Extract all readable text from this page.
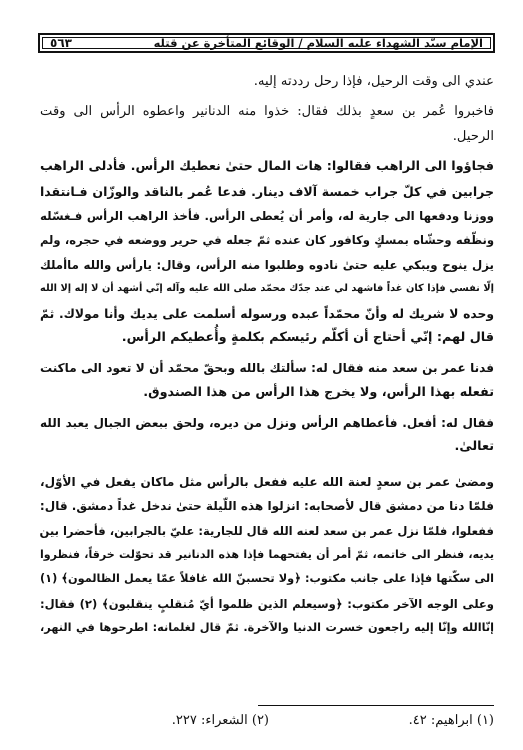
الإمام سيّد الشهداء عليه السلام / الوقائع المتأخرة عن قتله
٥٦٣
عندي الى وقت الرحيل، فإذا رحل رددته إليه.
فاخبروا عُمر بن سعدٍ بذلك فقال: خذوا منه الدنانير واعطوه الرأس الى وقت
الرحيل.
فجاؤوا الى الراهب فقالوا: هات المال حتىٰ نعطيك الرأس. فأدلى الراهب
جرابين في كلّ جراب خمسة آلاف دينار. فدعا عُمر بالناقد والوزّان فـانتقدا
ووزنا ودفعها الى جارية له، وأمر أن يُعطى الرأس. فأخذ الراهب الرأس فـغسّله
ونظّفه وحشّاه بمسكٍ وكافور كان عنده ثمّ جعله في حرير ووضعه في حجره، ولم
يزل ينوح ويبكي عليه حتىٰ نادوه وطلبوا منه الرأس، وقال: يارأس والله ماأملك
إلّا نفسي فإذا كان غداً فاشهد لي عند جدّك محمّد صلى الله عليه وآله إنّي أشهد أن لا إله إلا الله
وحده لا شريك له وأنّ محمّداً عبده ورسوله أسلمت على يديك وأنا مولاك. ثمّ
قال لهم: إنّي أحتاج أن أكلّم رئيسكم بكلمةٍ وأُعطيكم الرأس.
فدنا عمر بن سعد منه فقال له: سألتك بالله وبحقّ محمّد أن لا تعود الى ماكنت
تفعله بهذا الرأس، ولا يخرج هذا الرأس من هذا الصندوق.
فقال له: أفعل. فأعطاهم الرأس ونزل من ديره، ولحق ببعض الجبال يعبد الله
تعالىٰ.
ومضىٰ عمر بن سعدٍ لعنة الله عليه ففعل بالرأس مثل ماكان يفعل في الأوّل،
فلمّا دنا من دمشق قال لأصحابه: انزلوا هذه اللّيلة حتىٰ ندخل غداً دمشق. قال:
ففعلوا، فلمّا نزل عمر بن سعد لعنه الله قال للجارية: عليّ بالجرابين، فأحضرا بين
يديه، فنظر الى خاتمه، ثمّ أمر أن يفتحهما فإذا هذه الدنانير قد تحوّلت خرقاً، فنظروا
الى سكّتها فإذا على جانب مكتوب: ﴿ولا تحسبنّ الله غافلاً عمّا يعمل الظالمون﴾ (١)
وعلى الوجه الآخر مكتوب: ﴿وسيعلم الذين ظلموا أيّ مُنقلبٍ ينقلبون﴾ (٢) فقال:
إنّاالله وإنّا إليه راجعون خسرت الدنيا والآخرة. ثمّ قال لغلمانه: اطرحوها في النهر،
(١) ابراهيم: ٤٢.
(٢) الشعراء: ٢٢٧.
